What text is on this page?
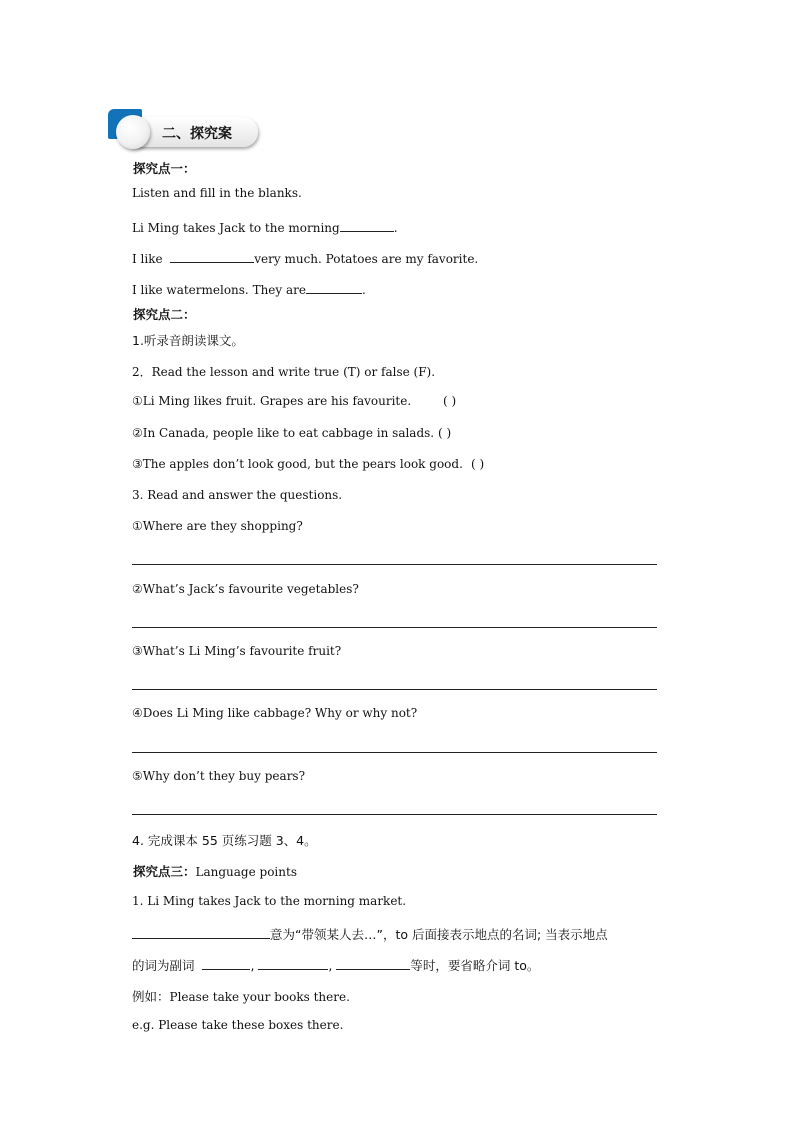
二、探究案
探究点一：
Listen and fill in the blanks.
Li Ming takes Jack to the morning	.
I like	very much. Potatoes are my favorite.
I like watermelons. They are	.
探究点二：
1.听录音朗读课文。
2．Read the lesson and write true (T) or false (F).
①Li Ming likes fruit. Grapes are his favourite.	( )
②In Canada, people like to eat cabbage in salads. ( )
③The apples don’t look good, but the pears look good. ( )
3. Read and answer the questions.
①Where are they shopping?
②What’s Jack’s favourite vegetables?
③What’s Li Ming’s favourite fruit?
④Does Li Ming like cabbage? Why or why not?
⑤Why don’t they buy pears?
4. 完成课本 55 页练习题 3、4。
探究点三：Language points
1. Li Ming takes Jack to the morning market.
意为“带领某人去…”，to 后面接表示地点的名词; 当表示地点
的词为副词	,	,	等时，要省略介词 to。
例如：Please take your books there.
e.g. Please take these boxes there.
